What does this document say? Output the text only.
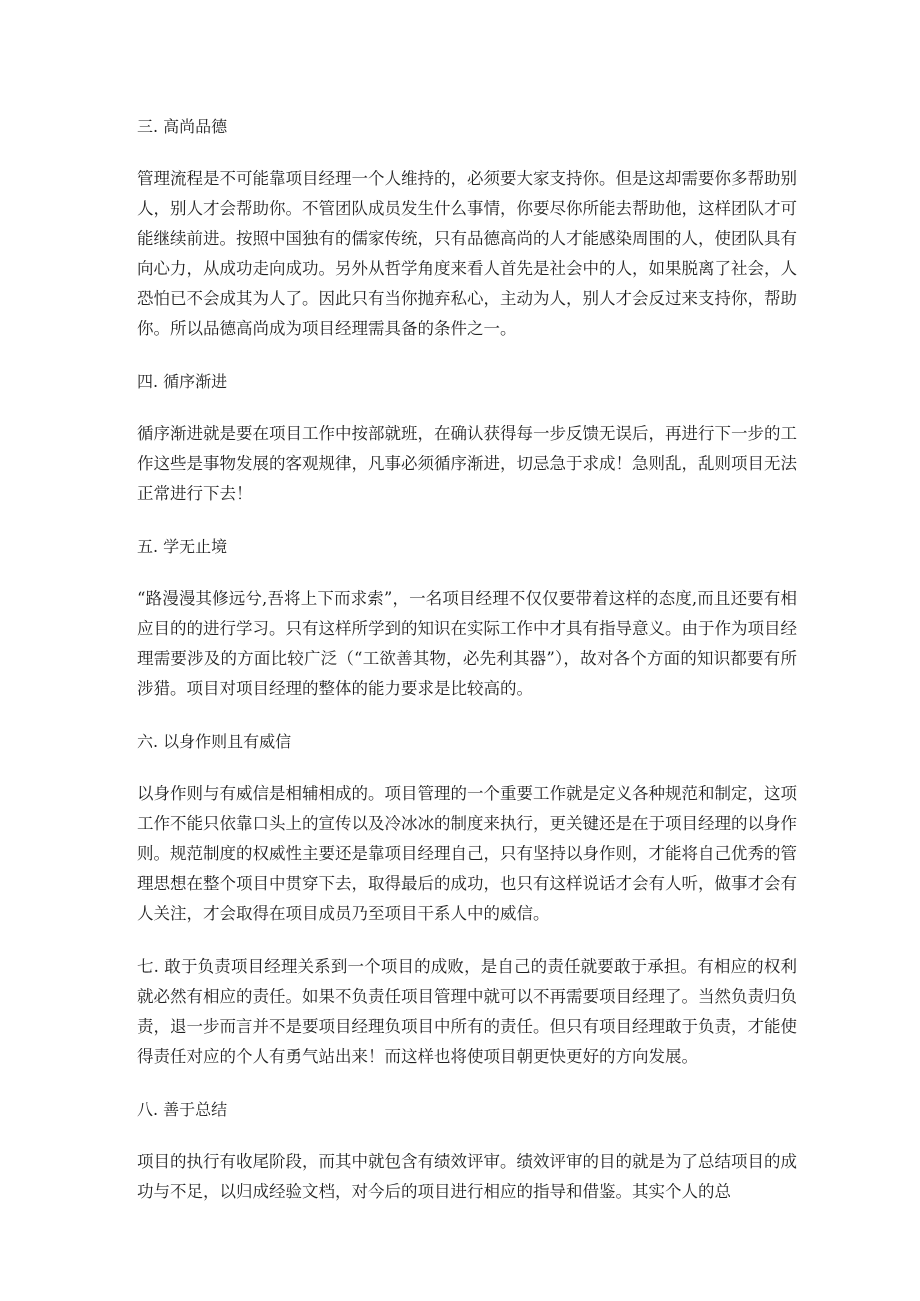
三. 高尚品德

管理流程是不可能靠项目经理一个人维持的，必须要大家支持你。但是这却需要你多帮助别人，别人才会帮助你。不管团队成员发生什么事情，你要尽你所能去帮助他，这样团队才可能继续前进。按照中国独有的儒家传统，只有品德高尚的人才能感染周围的人，使团队具有向心力，从成功走向成功。另外从哲学角度来看人首先是社会中的人，如果脱离了社会，人恐怕已不会成其为人了。因此只有当你抛弃私心，主动为人，别人才会反过来支持你，帮助你。所以品德高尚成为项目经理需具备的条件之一。

四. 循序渐进

循序渐进就是要在项目工作中按部就班，在确认获得每一步反馈无误后，再进行下一步的工作这些是事物发展的客观规律，凡事必须循序渐进，切忌急于求成！急则乱，乱则项目无法正常进行下去！

五. 学无止境

“路漫漫其修远兮,吾将上下而求索”，一名项目经理不仅仅要带着这样的态度,而且还要有相应目的的进行学习。只有这样所学到的知识在实际工作中才具有指导意义。由于作为项目经理需要涉及的方面比较广泛（“工欲善其物，必先利其器”），故对各个方面的知识都要有所涉猎。项目对项目经理的整体的能力要求是比较高的。

六. 以身作则且有威信

以身作则与有威信是相辅相成的。项目管理的一个重要工作就是定义各种规范和制定，这项工作不能只依靠口头上的宣传以及冷冰冰的制度来执行，更关键还是在于项目经理的以身作则。规范制度的权威性主要还是靠项目经理自己，只有坚持以身作则，才能将自己优秀的管理思想在整个项目中贯穿下去，取得最后的成功，也只有这样说话才会有人听，做事才会有人关注，才会取得在项目成员乃至项目干系人中的威信。

七. 敢于负责项目经理关系到一个项目的成败，是自己的责任就要敢于承担。有相应的权利就必然有相应的责任。如果不负责任项目管理中就可以不再需要项目经理了。当然负责归负责，退一步而言并不是要项目经理负项目中所有的责任。但只有项目经理敢于负责，才能使得责任对应的个人有勇气站出来！而这样也将使项目朝更快更好的方向发展。

八. 善于总结

项目的执行有收尾阶段，而其中就包含有绩效评审。绩效评审的目的就是为了总结项目的成功与不足，以归成经验文档，对今后的项目进行相应的指导和借鉴。其实个人的总
